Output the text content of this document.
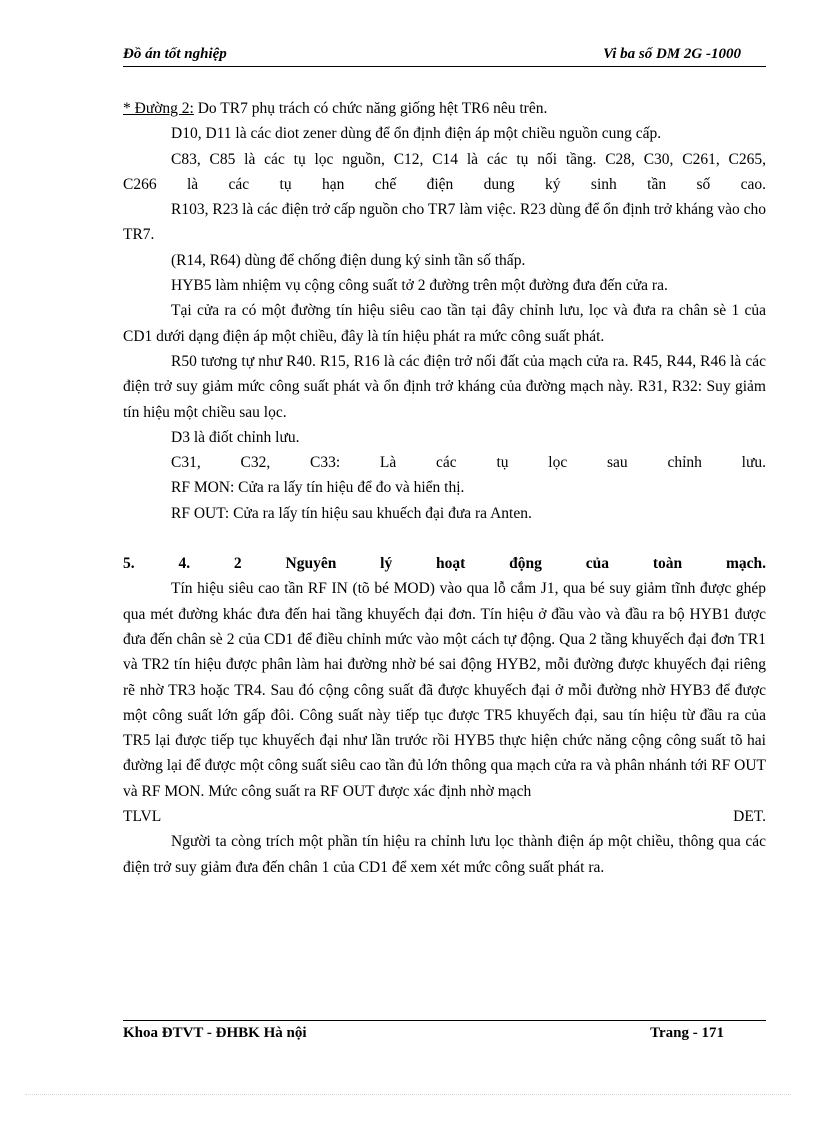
Đồ án tốt nghiệp	Vi ba số DM 2G -1000

* Đường 2: Do TR7 phụ trách có chức năng giống hệt TR6 nêu trên.

D10, D11 là các diot zener dùng để ổn định điện áp một chiều nguồn cung cấp.

C83, C85 là các tụ lọc nguồn, C12, C14 là các tụ nối tầng. C28, C30, C261, C265,

C266 là các tụ hạn chế điện dung ký sinh tần số cao.

R103, R23 là các điện trở cấp nguồn cho TR7 làm việc. R23 dùng để ổn định trở kháng vào cho TR7.

(R14, R64) dùng để chống điện dung ký sinh tần số thấp.

HYB5 làm nhiệm vụ cộng công suất tở 2 đường trên một đường đưa đến cửa ra.

Tại cửa ra có một đường tín hiệu siêu cao tần tại đây chỉnh lưu, lọc và đưa ra chân sè 1 của CD1 dưới dạng điện áp một chiều, đây là tín hiệu phát ra mức công suất phát.

R50 tương tự như R40. R15, R16 là các điện trở nối đất của mạch cửa ra. R45, R44, R46 là các điện trở suy giảm mức công suất phát và ổn định trở kháng của đường mạch này. R31, R32: Suy giảm tín hiệu một chiều sau lọc.

D3 là điốt chỉnh lưu.

C31, C32, C33: Là các tụ lọc sau chỉnh lưu.

RF MON: Cửa ra lấy tín hiệu để đo và hiển thị.

RF OUT: Cửa ra lấy tín hiệu sau khuếch đại đưa ra Anten.

5. 4. 2 Nguyên lý hoạt động của toàn mạch.

Tín hiệu siêu cao tần RF IN (tõ bé MOD) vào qua lỗ cắm J1, qua bé suy giảm tĩnh được ghép qua mét đường khác đưa đến hai tầng khuyếch đại đơn. Tín hiệu ở đầu vào và đầu ra bộ HYB1 được đưa đến chân sè 2 của CD1 để điều chỉnh mức vào một cách tự động. Qua 2 tầng khuyếch đại đơn TR1 và TR2 tín hiệu được phân làm hai đường nhờ bé sai động HYB2, mỗi đường được khuyếch đại riêng rẽ nhờ TR3 hoặc TR4. Sau đó cộng công suất đã được khuyếch đại ở mỗi đường nhờ HYB3 để được một công suất lớn gấp đôi. Công suất này tiếp tục được TR5 khuyếch đại, sau tín hiệu từ đầu ra của TR5 lại được tiếp tục khuyếch đại như lần trước rồi HYB5 thực hiện chức năng cộng công suất tõ hai đường lại để được một công suất siêu cao tần đủ lớn thông qua mạch cửa ra và phân nhánh tới RF OUT và RF MON. Mức công suất ra RF OUT được xác định nhờ mạch

TLVL	DET.

Người ta còng trích một phần tín hiệu ra chỉnh lưu lọc thành điện áp một chiều, thông qua các điện trở suy giảm đưa đến chân 1 của CD1 để xem xét mức công suất phát ra.

Khoa ĐTVT - ĐHBK Hà nội	Trang - 171
